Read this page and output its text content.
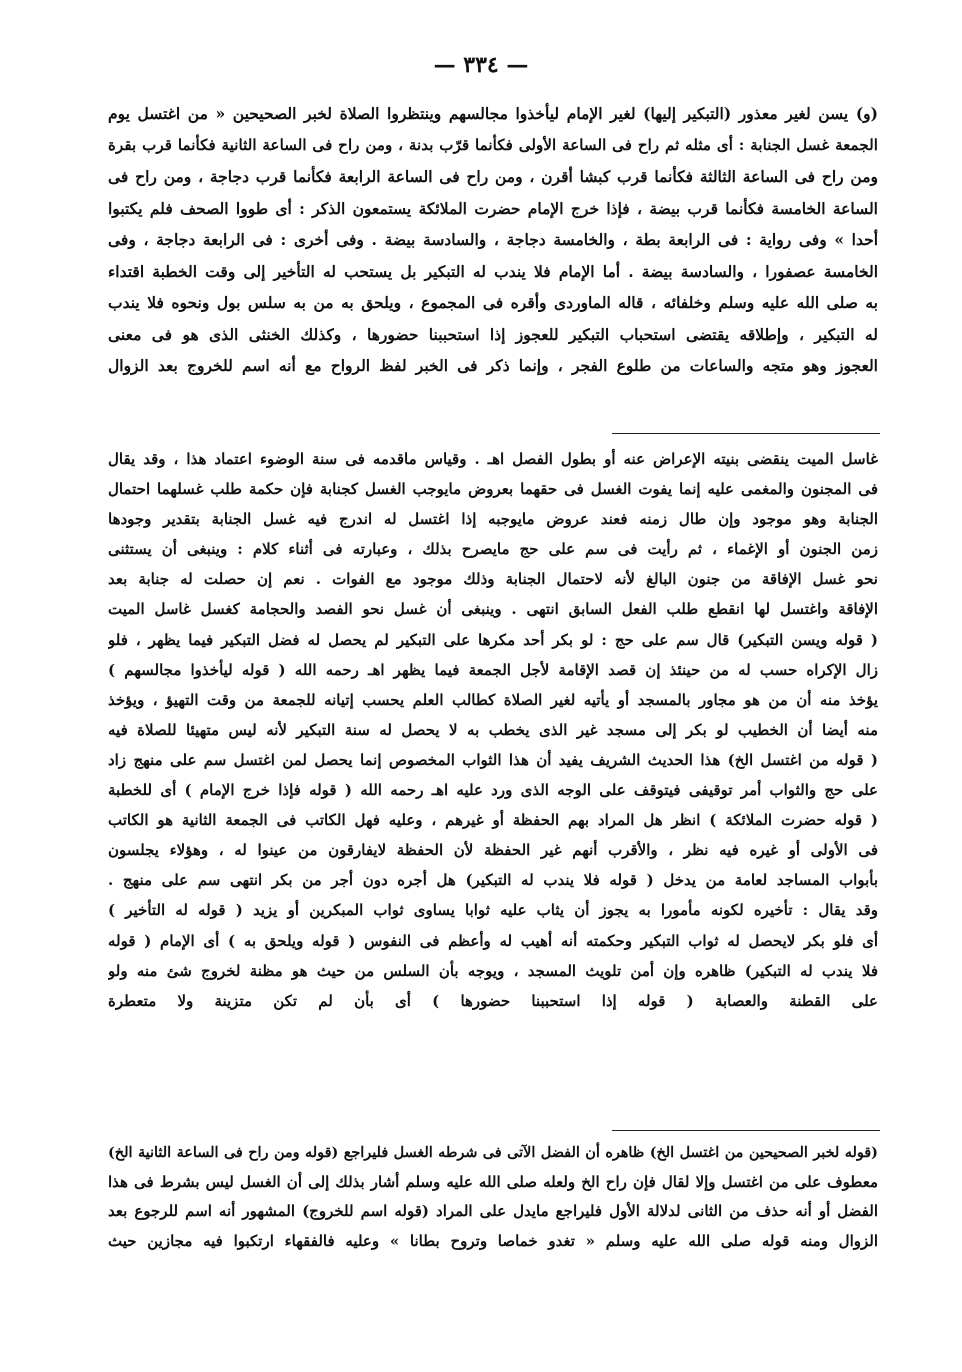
— ٣٣٤ —
(و) يسن لغير معذور (التبكير إليها) لغير الإمام ليأخذوا مجالسهم وينتظروا الصلاة لخبر الصحيحين « من اغتسل يوم
الجمعة غسل الجنابة : أى مثله ثم راح فى الساعة الأولى فكأنما قرّب بدنة ، ومن راح فى الساعة الثانية فكأنما قرب بقرة
ومن راح فى الساعة الثالثة فكأنما قرب كبشا أقرن ، ومن راح فى الساعة الرابعة فكأنما قرب دجاجة ، ومن راح فى
الساعة الخامسة فكأنما قرب بيضة ، فإذا خرج الإمام حضرت الملائكة يستمعون الذكر : أى طووا الصحف فلم يكتبوا
أحدا » وفى رواية : فى الرابعة بطة ، والخامسة دجاجة ، والسادسة بيضة . وفى أخرى : فى الرابعة دجاجة ، وفى
الخامسة عصفورا ، والسادسة بيضة . أما الإمام فلا يندب له التبكير بل يستحب له التأخير إلى وقت الخطبة اقتداء
به صلى الله عليه وسلم وخلفائه ، قاله الماوردى وأقره فى المجموع ، ويلحق به من به سلس بول ونحوه فلا يندب
له التبكير ، وإطلاقه يقتضى استحباب التبكير للعجوز إذا استحببنا حضورها ، وكذلك الخنثى الذى هو فى معنى
العجوز وهو متجه والساعات من طلوع الفجر ، وإنما ذكر فى الخبر لفظ الرواح مع أنه اسم للخروج بعد الزوال
غاسل الميت ينقضى بنيته الإعراض عنه أو بطول الفصل اهـ . وقياس ماقدمه فى سنة الوضوء اعتماد هذا ، وقد يقال
فى المجنون والمغمى عليه إنما يفوت الغسل فى حقهما بعروض مايوجب الغسل كجنابة فإن حكمة طلب غسلهما احتمال
الجنابة وهو موجود وإن طال زمنه فعند عروض مايوجبه إذا اغتسل له اندرج فيه غسل الجنابة بتقدير وجودها
زمن الجنون أو الإغماء ، ثم رأيت فى سم على حج مايصرح بذلك ، وعبارته فى أثناء كلام : وينبغى أن يستثنى
نحو غسل الإفاقة من جنون البالغ لأنه لاحتمال الجنابة وذلك موجود مع الفوات . نعم إن حصلت له جنابة بعد
الإفاقة واغتسل لها انقطع طلب الفعل السابق انتهى . وينبغى أن غسل نحو الفصد والحجامة كغسل غاسل الميت
( قوله ويسن التبكير) قال سم على حج : لو بكر أحد مكرها على التبكير لم يحصل له فضل التبكير فيما يظهر ، فلو
زال الإكراه حسب له من حينئذ إن قصد الإقامة لأجل الجمعة فيما يظهر اهـ رحمه الله ( قوله ليأخذوا مجالسهم )
يؤخذ منه أن من هو مجاور بالمسجد أو يأتيه لغير الصلاة كطالب العلم يحسب إتيانه للجمعة من وقت التهيؤ ، ويؤخذ
منه أيضا أن الخطيب لو بكر إلى مسجد غير الذى يخطب به لا يحصل له سنة التبكير لأنه ليس متهيئا للصلاة فيه
( قوله من اغتسل الخ) هذا الحديث الشريف يفيد أن هذا الثواب المخصوص إنما يحصل لمن اغتسل سم على منهج زاد
على حج والثواب أمر توقيفى فيتوقف على الوجه الذى ورد عليه اهـ رحمه الله ( قوله فإذا خرج الإمام ) أى للخطبة
( قوله حضرت الملائكة ) انظر هل المراد بهم الحفظة أو غيرهم ، وعليه فهل الكاتب فى الجمعة الثانية هو الكاتب
فى الأولى أو غيره فيه نظر ، والأقرب أنهم غير الحفظة لأن الحفظة لايفارقون من عينوا له ، وهؤلاء يجلسون
بأبواب المساجد لعامة من يدخل ( قوله فلا يندب له التبكير) هل أجره دون أجر من بكر انتهى سم على منهج .
وقد يقال : تأخيره لكونه مأمورا به يجوز أن يثاب عليه ثوابا يساوى ثواب المبكرين أو يزيد ( قوله له التأخير )
أى فلو بكر لايحصل له ثواب التبكير وحكمته أنه أهيب له وأعظم فى النفوس ( قوله ويلحق به ) أى الإمام ( قوله
فلا يندب له التبكير) ظاهره وإن أمن تلويث المسجد ، ويوجه بأن السلس من حيث هو مظنة لخروج شئ منه ولو
على القطنة والعصابة ( قوله إذا استحببنا حضورها ) أى بأن لم تكن متزينة ولا متعطرة
(قوله لخبر الصحيحين من اغتسل الخ) ظاهره أن الفضل الآتى فى شرطه الغسل فليراجع (قوله ومن راح فى الساعة الثانية الخ)
معطوف على من اغتسل وإلا لقال فإن راح الخ ولعله صلى الله عليه وسلم أشار بذلك إلى أن الغسل ليس بشرط فى هذا
الفضل أو أنه حذف من الثانى لدلالة الأول فليراجع مايدل على المراد (قوله اسم للخروج) المشهور أنه اسم للرجوع بعد
الزوال ومنه قوله صلى الله عليه وسلم « تغدو خماصا وتروح بطانا » وعليه فالفقهاء ارتكبوا فيه مجازين حيث
